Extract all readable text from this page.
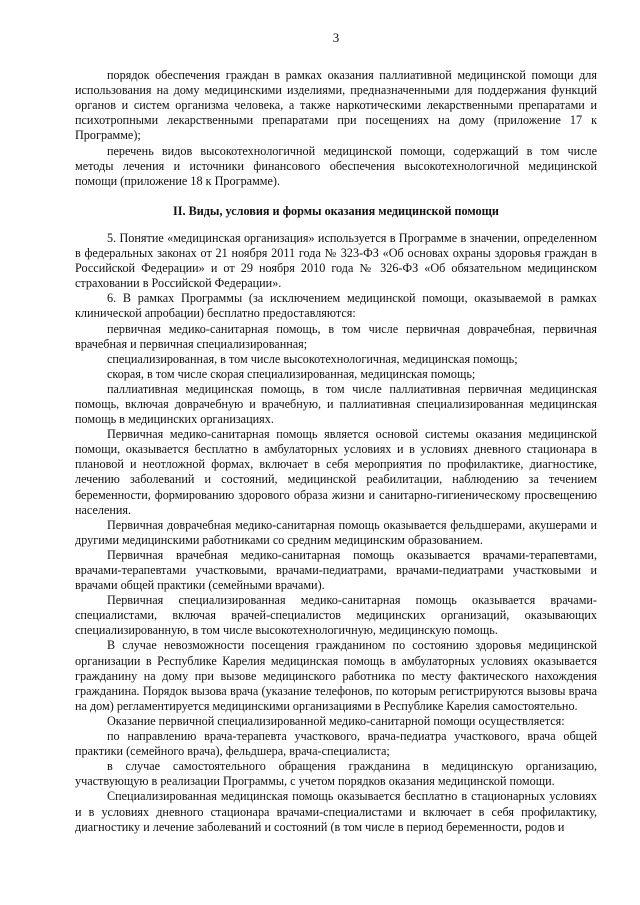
3

порядок обеспечения граждан в рамках оказания паллиативной медицинской помощи для использования на дому медицинскими изделиями, предназначенными для поддержания функций органов и систем организма человека, а также наркотическими лекарственными препаратами и психотропными лекарственными препаратами при посещениях на дому (приложение 17 к Программе);

перечень видов высокотехнологичной медицинской помощи, содержащий в том числе методы лечения и источники финансового обеспечения высокотехнологичной медицинской помощи (приложение 18 к Программе).

II. Виды, условия и формы оказания медицинской помощи

5. Понятие «медицинская организация» используется в Программе в значении, определенном в федеральных законах от 21 ноября 2011 года № 323-ФЗ «Об основах охраны здоровья граждан в Российской Федерации» и от 29 ноября 2010 года № 326-ФЗ «Об обязательном медицинском страховании в Российской Федерации».

6. В рамках Программы (за исключением медицинской помощи, оказываемой в рамках клинической апробации) бесплатно предоставляются:

первичная медико-санитарная помощь, в том числе первичная доврачебная, первичная врачебная и первичная специализированная;

специализированная, в том числе высокотехнологичная, медицинская помощь;

скорая, в том числе скорая специализированная, медицинская помощь;

паллиативная медицинская помощь, в том числе паллиативная первичная медицинская помощь, включая доврачебную и врачебную, и паллиативная специализированная медицинская помощь в медицинских организациях.

Первичная медико-санитарная помощь является основой системы оказания медицинской помощи, оказывается бесплатно в амбулаторных условиях и в условиях дневного стационара в плановой и неотложной формах, включает в себя мероприятия по профилактике, диагностике, лечению заболеваний и состояний, медицинской реабилитации, наблюдению за течением беременности, формированию здорового образа жизни и санитарно-гигиеническому просвещению населения.

Первичная доврачебная медико-санитарная помощь оказывается фельдшерами, акушерами и другими медицинскими работниками со средним медицинским образованием.

Первичная врачебная медико-санитарная помощь оказывается врачами-терапевтами, врачами-терапевтами участковыми, врачами-педиатрами, врачами-педиатрами участковыми и врачами общей практики (семейными врачами).

Первичная специализированная медико-санитарная помощь оказывается врачами-специалистами, включая врачей-специалистов медицинских организаций, оказывающих специализированную, в том числе высокотехнологичную, медицинскую помощь.

В случае невозможности посещения гражданином по состоянию здоровья медицинской организации в Республике Карелия медицинская помощь в амбулаторных условиях оказывается гражданину на дому при вызове медицинского работника по месту фактического нахождения гражданина. Порядок вызова врача (указание телефонов, по которым регистрируются вызовы врача на дом) регламентируется медицинскими организациями в Республике Карелия самостоятельно.

Оказание первичной специализированной медико-санитарной помощи осуществляется:

по направлению врача-терапевта участкового, врача-педиатра участкового, врача общей практики (семейного врача), фельдшера, врача-специалиста;

в случае самостоятельного обращения гражданина в медицинскую организацию, участвующую в реализации Программы, с учетом порядков оказания медицинской помощи.

Специализированная медицинская помощь оказывается бесплатно в стационарных условиях и в условиях дневного стационара врачами-специалистами и включает в себя профилактику, диагностику и лечение заболеваний и состояний (в том числе в период беременности, родов и
